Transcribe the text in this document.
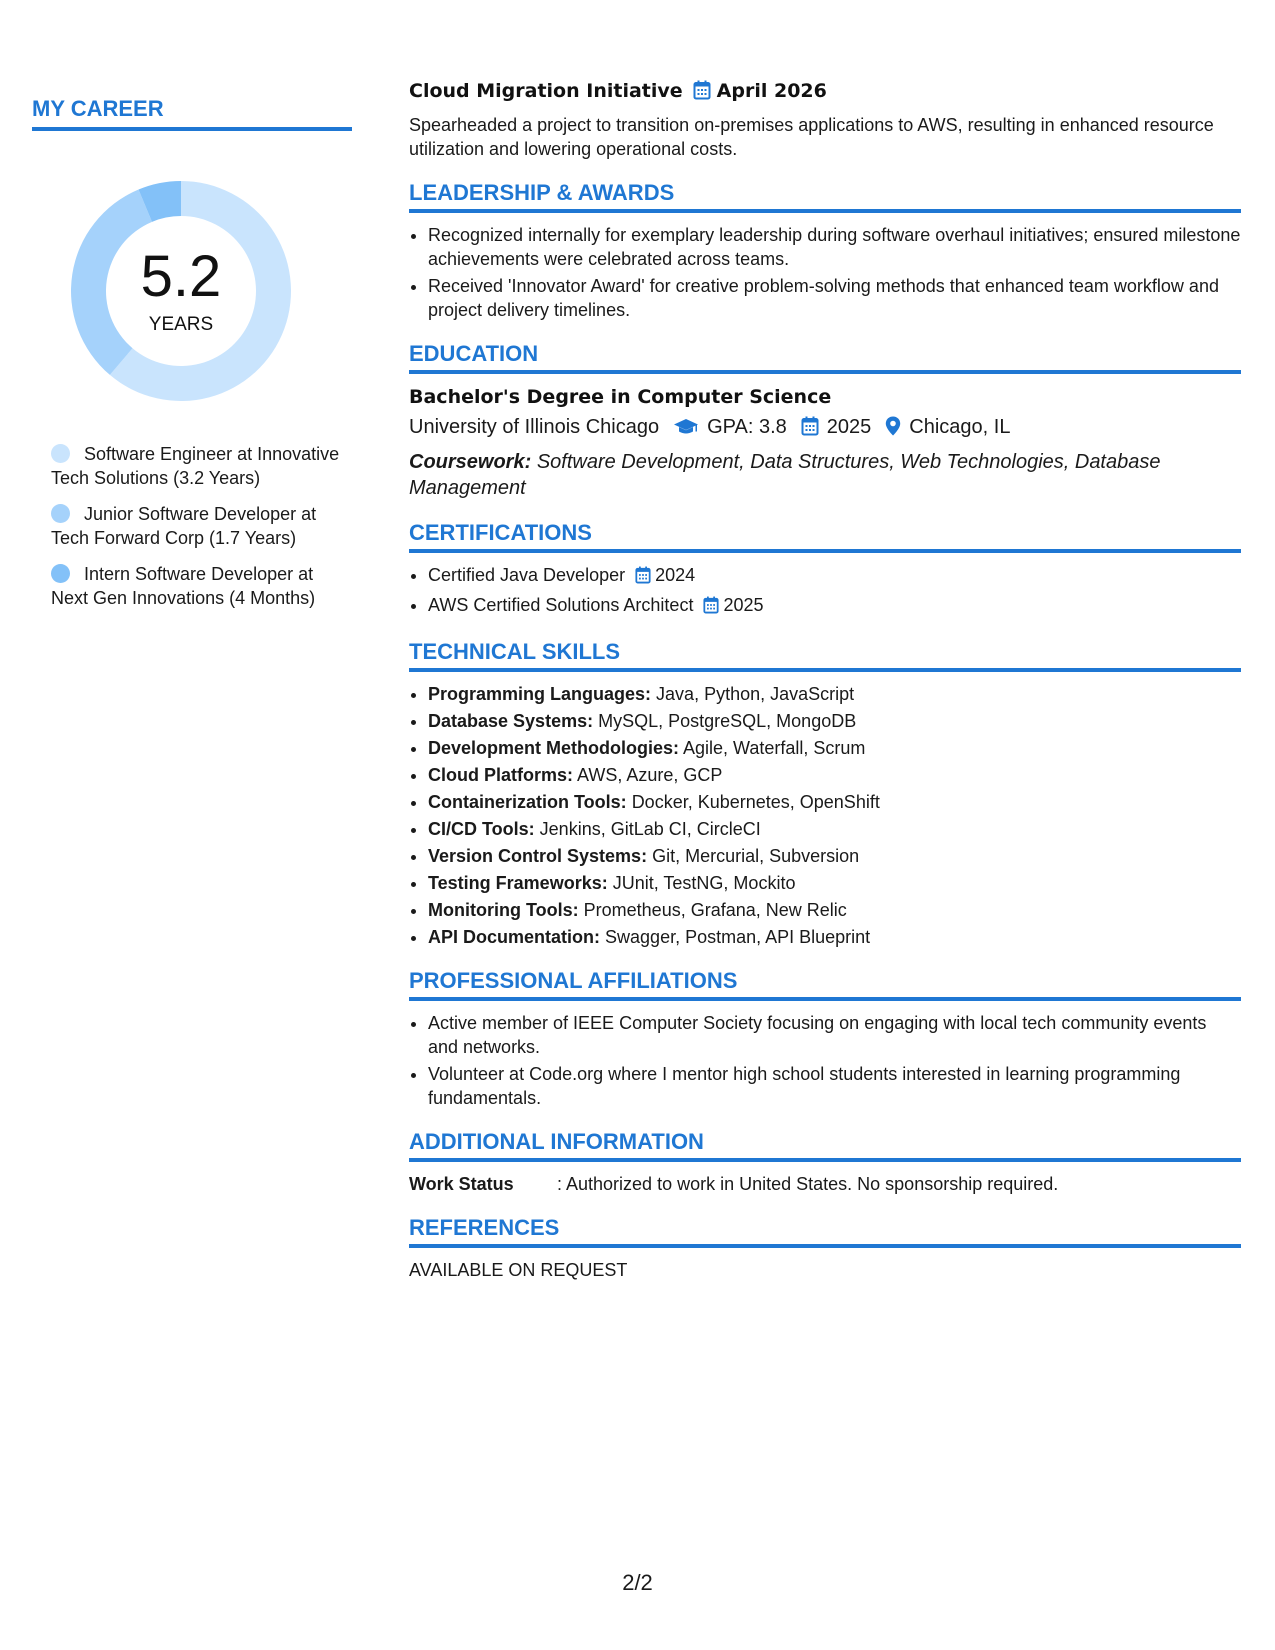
MY CAREER
5.2
YEARS
Software Engineer at Innovative Tech Solutions (3.2 Years)
Junior Software Developer at Tech Forward Corp (1.7 Years)
Intern Software Developer at Next Gen Innovations (4 Months)
Cloud Migration Initiative April 2026

Spearheaded a project to transition on-premises applications to AWS, resulting in enhanced resource utilization and lowering operational costs.

LEADERSHIP & AWARDS
• Recognized internally for exemplary leadership during software overhaul initiatives; ensured milestone achievements were celebrated across teams.
• Received 'Innovator Award' for creative problem-solving methods that enhanced team workflow and project delivery timelines.
EDUCATION
Bachelor's Degree in Computer Science
University of Illinois Chicago GPA: 3.8 2025 Chicago, IL
Coursework: Software Development, Data Structures, Web Technologies, Database Management
CERTIFICATIONS
• Certified Java Developer 2024
• AWS Certified Solutions Architect 2025
TECHNICAL SKILLS
• Programming Languages: Java, Python, JavaScript
• Database Systems: MySQL, PostgreSQL, MongoDB
• Development Methodologies: Agile, Waterfall, Scrum
• Cloud Platforms: AWS, Azure, GCP
• Containerization Tools: Docker, Kubernetes, OpenShift
• CI/CD Tools: Jenkins, GitLab CI, CircleCI
• Version Control Systems: Git, Mercurial, Subversion
• Testing Frameworks: JUnit, TestNG, Mockito
• Monitoring Tools: Prometheus, Grafana, New Relic
• API Documentation: Swagger, Postman, API Blueprint
PROFESSIONAL AFFILIATIONS
• Active member of IEEE Computer Society focusing on engaging with local tech community events and networks.
• Volunteer at Code.org where I mentor high school students interested in learning programming fundamentals.
ADDITIONAL INFORMATION
Work Status : Authorized to work in United States. No sponsorship required.
REFERENCES
AVAILABLE ON REQUEST
2/2
